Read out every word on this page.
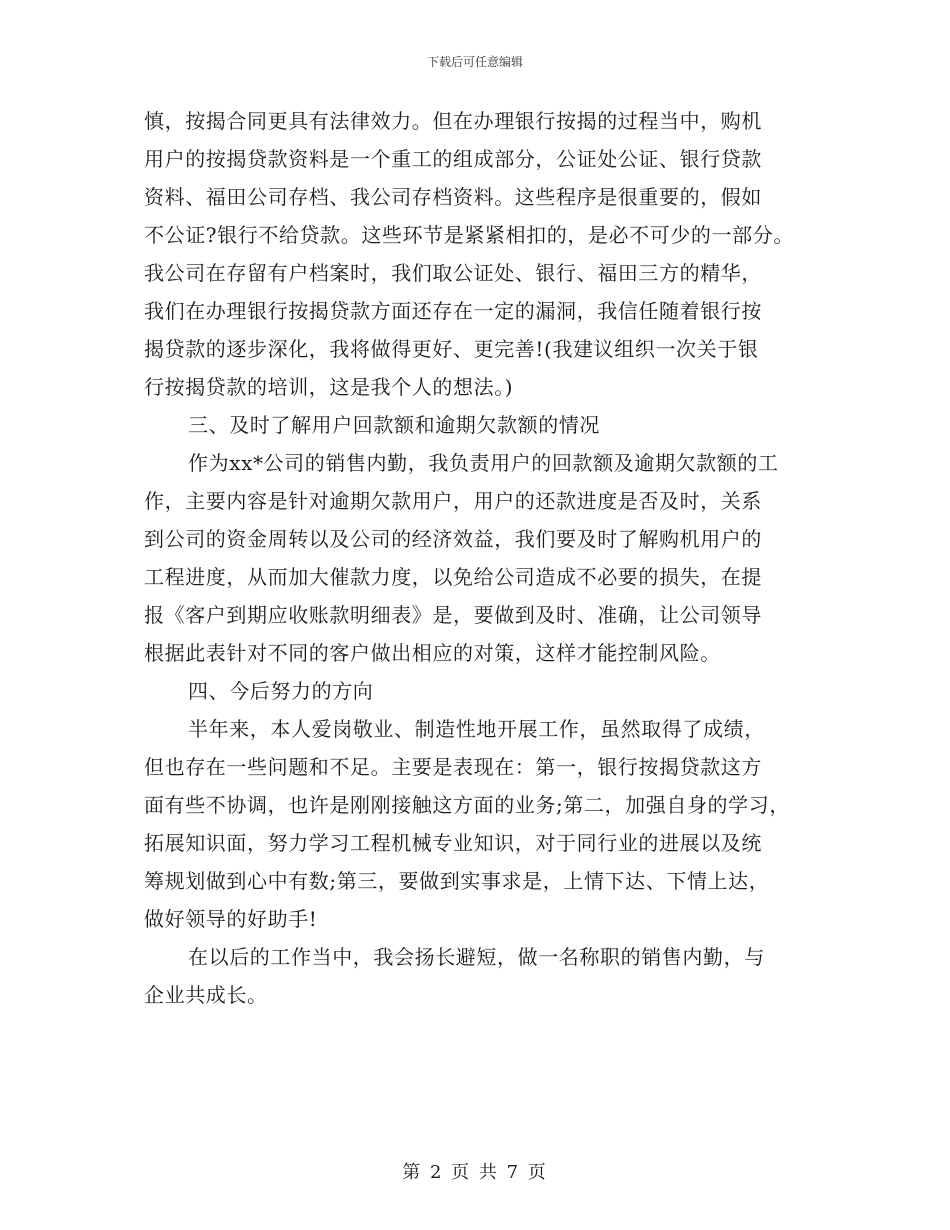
下载后可任意编辑
慎，按揭合同更具有法律效力。但在办理银行按揭的过程当中，购机
用户的按揭贷款资料是一个重工的组成部分，公证处公证、银行贷款
资料、福田公司存档、我公司存档资料。这些程序是很重要的，假如
不公证?银行不给贷款。这些环节是紧紧相扣的，是必不可少的一部分。
我公司在存留有户档案时，我们取公证处、银行、福田三方的精华，
我们在办理银行按揭贷款方面还存在一定的漏洞，我信任随着银行按
揭贷款的逐步深化，我将做得更好、更完善!(我建议组织一次关于银
行按揭贷款的培训，这是我个人的想法。)
三、及时了解用户回款额和逾期欠款额的情况
作为xx*公司的销售内勤，我负责用户的回款额及逾期欠款额的工
作，主要内容是针对逾期欠款用户，用户的还款进度是否及时，关系
到公司的资金周转以及公司的经济效益，我们要及时了解购机用户的
工程进度，从而加大催款力度，以免给公司造成不必要的损失，在提
报《客户到期应收账款明细表》是，要做到及时、准确，让公司领导
根据此表针对不同的客户做出相应的对策，这样才能控制风险。
四、今后努力的方向
半年来，本人爱岗敬业、制造性地开展工作，虽然取得了成绩，
但也存在一些问题和不足。主要是表现在：第一，银行按揭贷款这方
面有些不协调，也许是刚刚接触这方面的业务;第二，加强自身的学习，
拓展知识面，努力学习工程机械专业知识，对于同行业的进展以及统
筹规划做到心中有数;第三，要做到实事求是，上情下达、下情上达，
做好领导的好助手!
在以后的工作当中，我会扬长避短，做一名称职的销售内勤，与
企业共成长。
第 2 页 共 7 页
